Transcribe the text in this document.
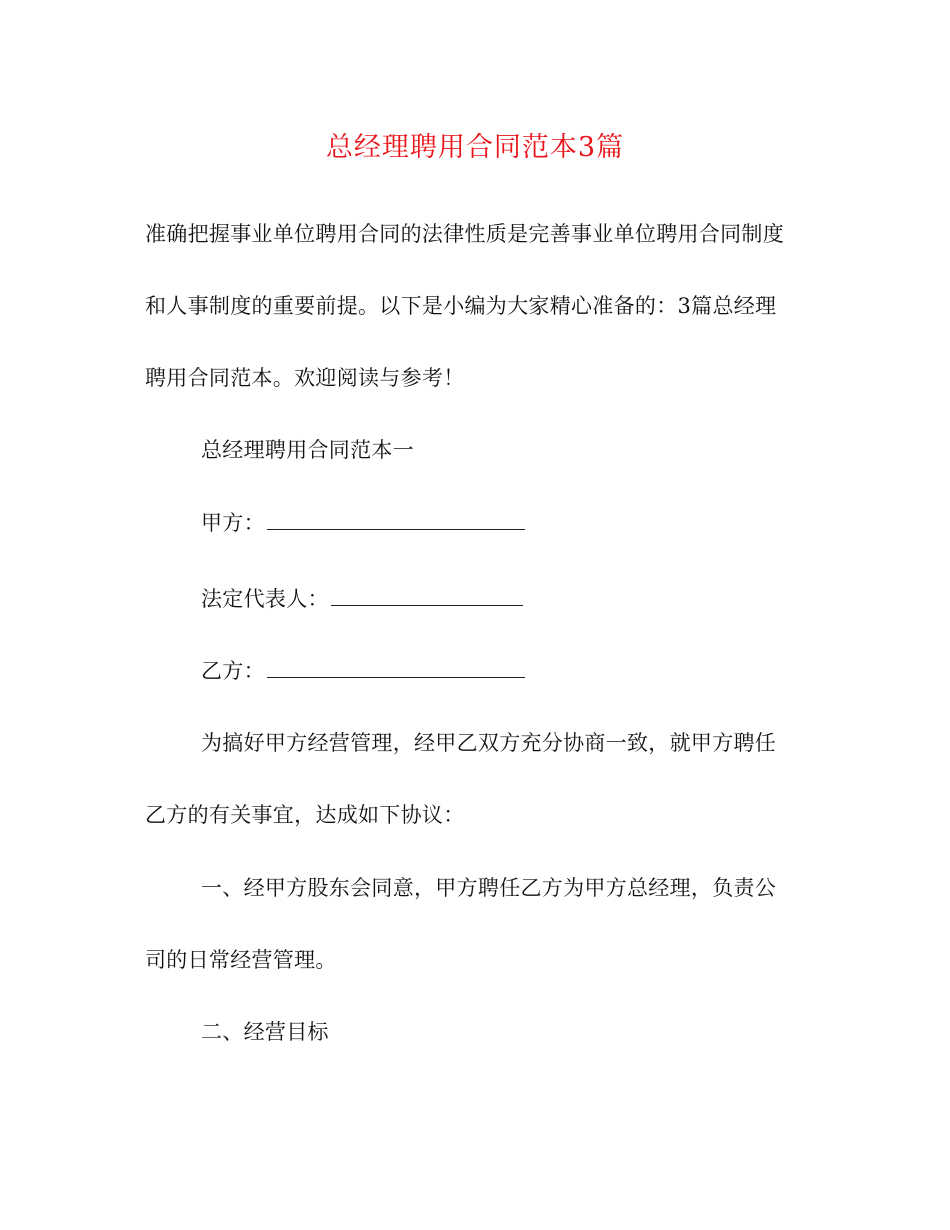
总经理聘用合同范本3篇
准确把握事业单位聘用合同的法律性质是完善事业单位聘用合同制度
和人事制度的重要前提。以下是小编为大家精心准备的：3篇总经理
聘用合同范本。欢迎阅读与参考！
总经理聘用合同范本一
甲方：
法定代表人：
乙方：
为搞好甲方经营管理，经甲乙双方充分协商一致，就甲方聘任
乙方的有关事宜，达成如下协议：
一、经甲方股东会同意，甲方聘任乙方为甲方总经理，负责公
司的日常经营管理。
二、经营目标
